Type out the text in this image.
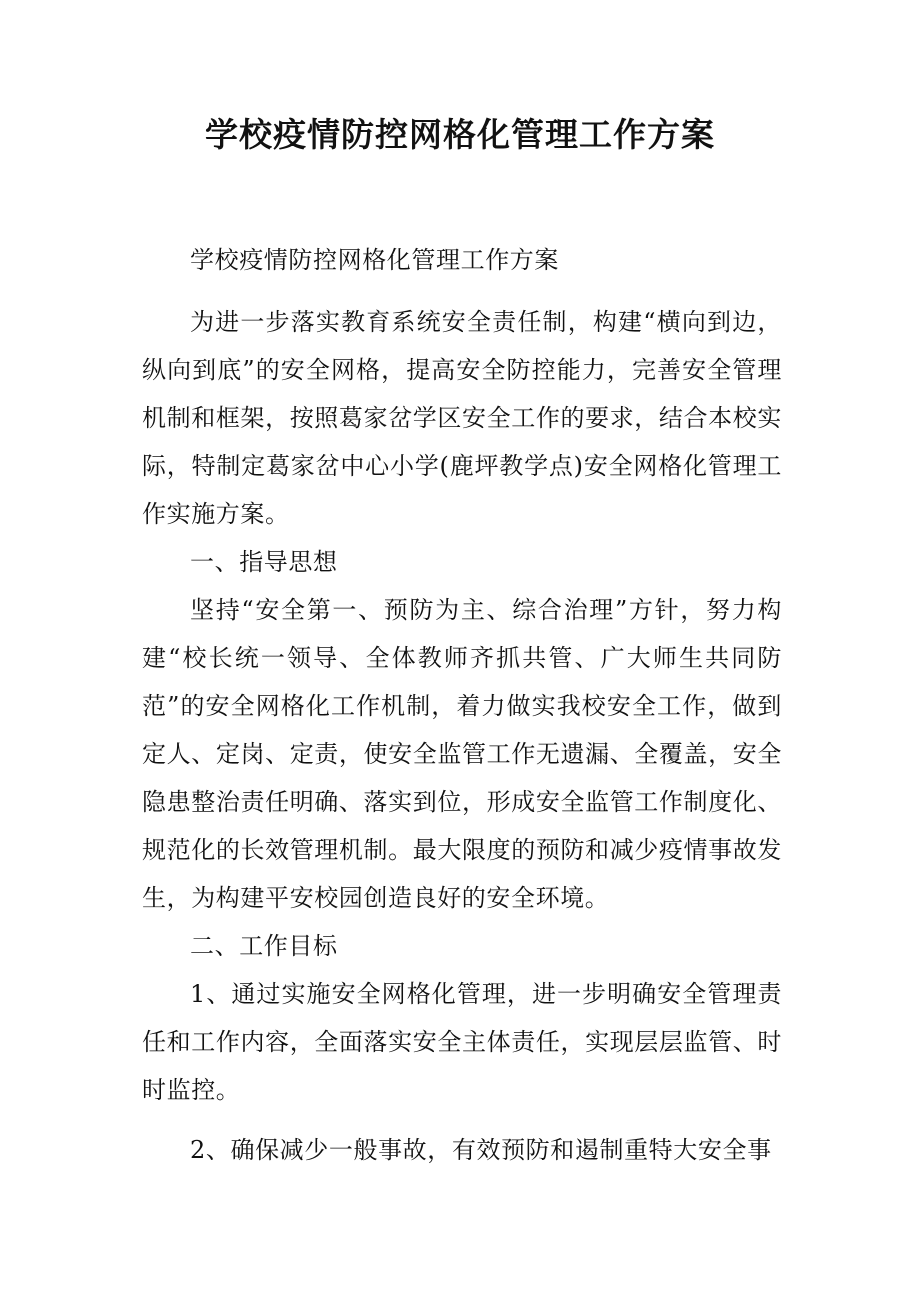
学校疫情防控网格化管理工作方案

学校疫情防控网格化管理工作方案

为进一步落实教育系统安全责任制，构建“横向到边，纵向到底”的安全网格，提高安全防控能力，完善安全管理机制和框架，按照葛家岔学区安全工作的要求，结合本校实际，特制定葛家岔中心小学(鹿坪教学点)安全网格化管理工作实施方案。

一、指导思想

坚持“安全第一、预防为主、综合治理”方针，努力构建“校长统一领导、全体教师齐抓共管、广大师生共同防范”的安全网格化工作机制，着力做实我校安全工作，做到定人、定岗、定责，使安全监管工作无遗漏、全覆盖，安全隐患整治责任明确、落实到位，形成安全监管工作制度化、规范化的长效管理机制。最大限度的预防和减少疫情事故发生，为构建平安校园创造良好的安全环境。

二、工作目标

1、通过实施安全网格化管理，进一步明确安全管理责任和工作内容，全面落实安全主体责任，实现层层监管、时时监控。

2、确保减少一般事故，有效预防和遏制重特大安全事
